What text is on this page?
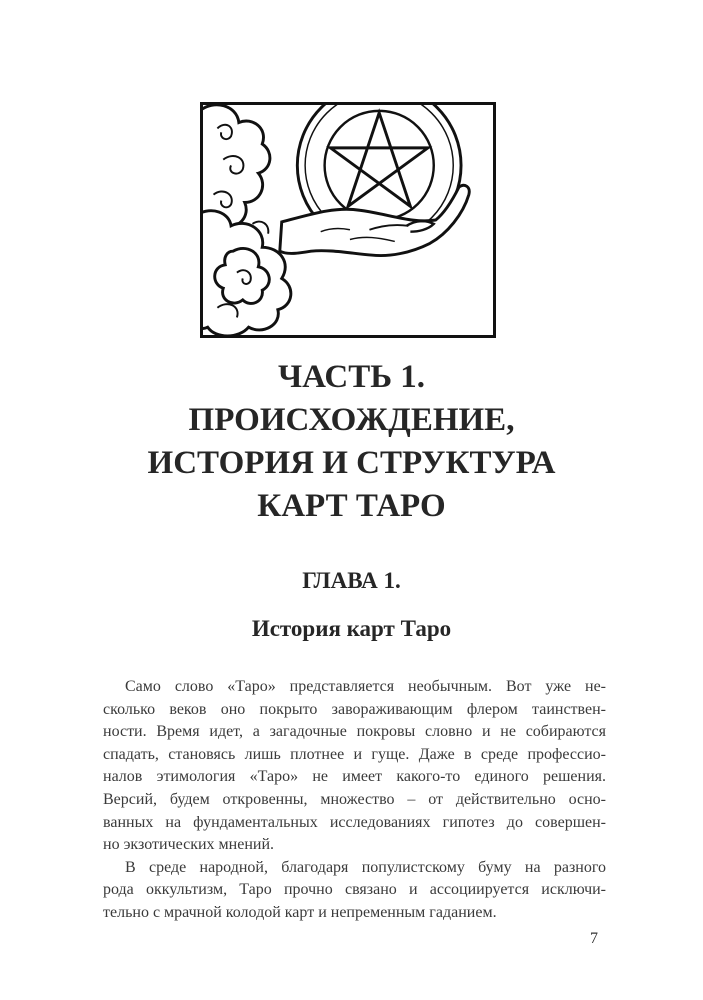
ЧАСТЬ 1.
ПРОИСХОЖДЕНИЕ,
ИСТОРИЯ И СТРУКТУРА
КАРТ ТАРО
ГЛАВА 1.
История карт Таро
Само слово «Таро» представляется необычным. Вот уже не-
сколько веков оно покрыто завораживающим флером таинствен-
ности. Время идет, а загадочные покровы словно и не собираются
спадать, становясь лишь плотнее и гуще. Даже в среде профессио-
налов этимология «Таро» не имеет какого-то единого решения.
Версий, будем откровенны, множество – от действительно осно-
ванных на фундаментальных исследованиях гипотез до совершен-
но экзотических мнений.
В среде народной, благодаря популистскому буму на разного
рода оккультизм, Таро прочно связано и ассоциируется исключи-
тельно с мрачной колодой карт и непременным гаданием.
7
